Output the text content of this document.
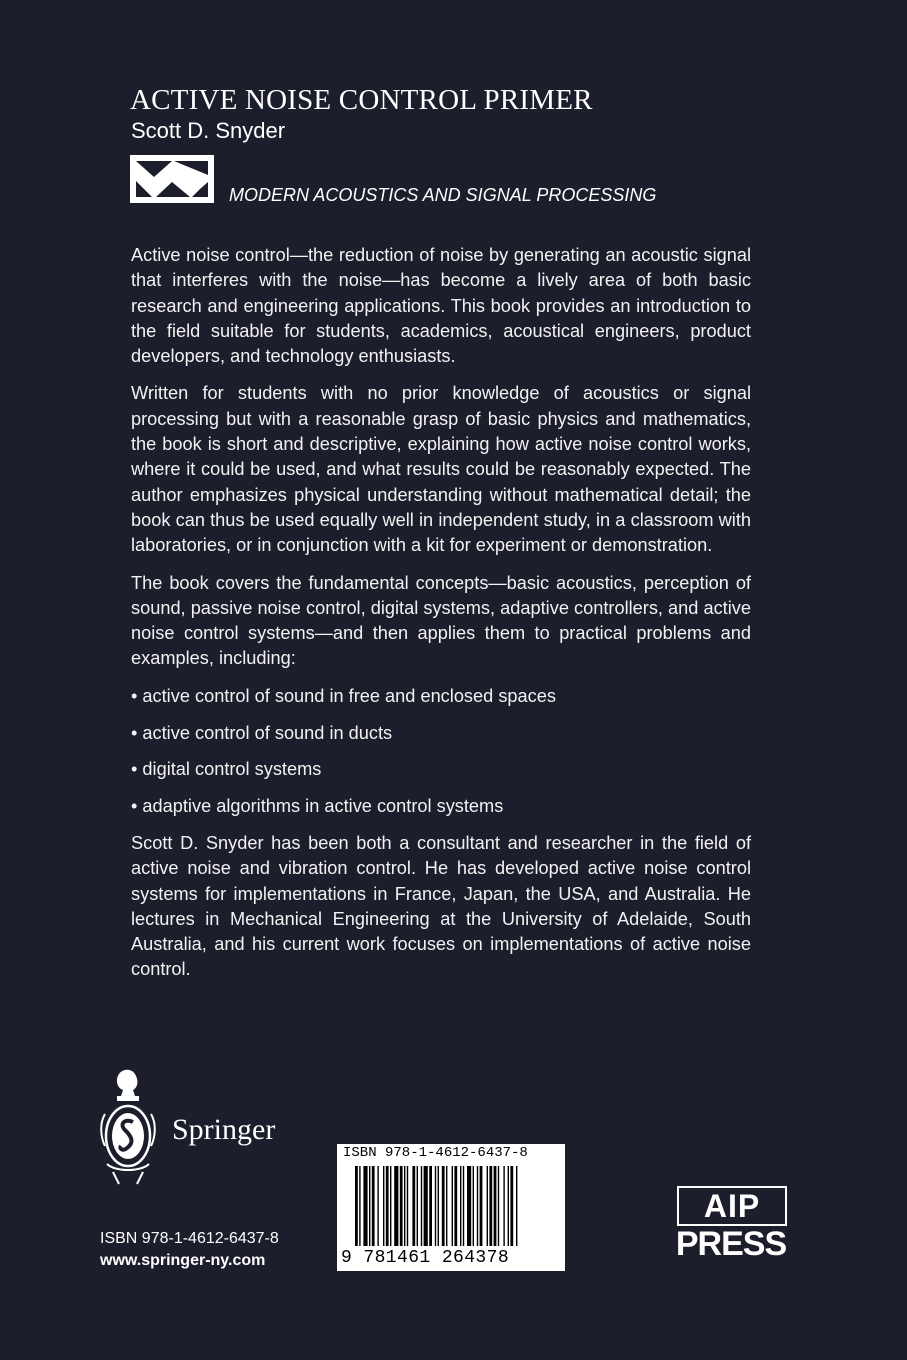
ACTIVE NOISE CONTROL PRIMER
Scott D. Snyder
MODERN ACOUSTICS AND SIGNAL PROCESSING

Active noise control—the reduction of noise by generating an acoustic signal that interferes with the noise—has become a lively area of both basic research and engineering applications. This book provides an introduction to the field suitable for students, academics, acoustical engineers, product developers, and technology enthusiasts.

Written for students with no prior knowledge of acoustics or signal processing but with a reasonable grasp of basic physics and mathematics, the book is short and descriptive, explaining how active noise control works, where it could be used, and what results could be reasonably expected. The author emphasizes physical understanding without mathematical detail; the book can thus be used equally well in independent study, in a classroom with laboratories, or in conjunction with a kit for experiment or demonstration.

The book covers the fundamental concepts—basic acoustics, perception of sound, passive noise control, digital systems, adaptive controllers, and active noise control systems—and then applies them to practical problems and examples, including:

• active control of sound in free and enclosed spaces
• active control of sound in ducts
• digital control systems
• adaptive algorithms in active control systems

Scott D. Snyder has been both a consultant and researcher in the field of active noise and vibration control. He has developed active noise control systems for implementations in France, Japan, the USA, and Australia. He lectures in Mechanical Engineering at the University of Adelaide, South Australia, and his current work focuses on implementations of active noise control.

Springer
ISBN 978-1-4612-6437-8
www.springer-ny.com
ISBN 978-1-4612-6437-8
9 781461 264378
AIP
PRESS
